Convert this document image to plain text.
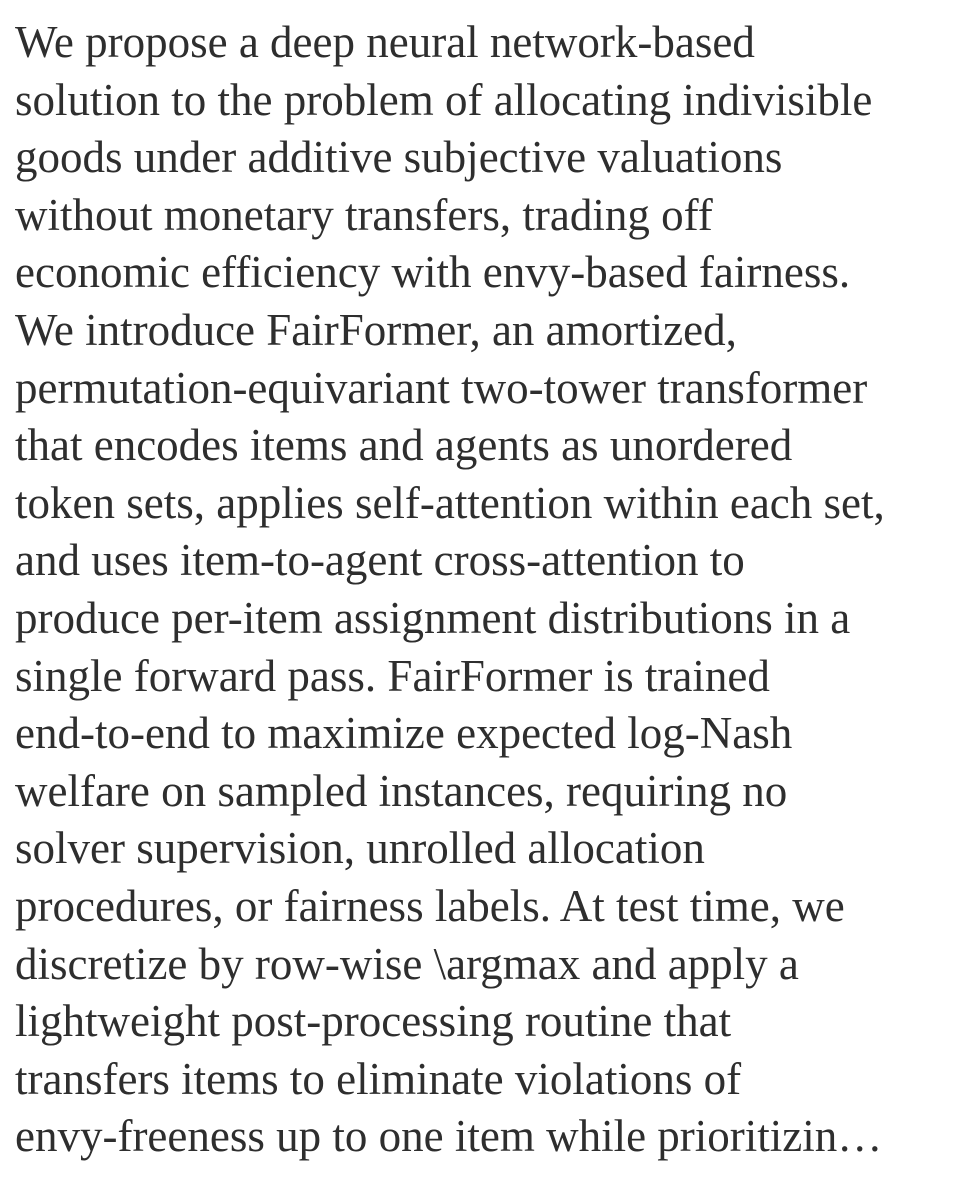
We propose a deep neural network-based
solution to the problem of allocating indivisible
goods under additive subjective valuations
without monetary transfers, trading off
economic efficiency with envy-based fairness.
We introduce FairFormer, an amortized,
permutation-equivariant two-tower transformer
that encodes items and agents as unordered
token sets, applies self-attention within each set,
and uses item-to-agent cross-attention to
produce per-item assignment distributions in a
single forward pass. FairFormer is trained
end-to-end to maximize expected log-Nash
welfare on sampled instances, requiring no
solver supervision, unrolled allocation
procedures, or fairness labels. At test time, we
discretize by row-wise \argmax and apply a
lightweight post-processing routine that
transfers items to eliminate violations of
envy-freeness up to one item while prioritizin…
